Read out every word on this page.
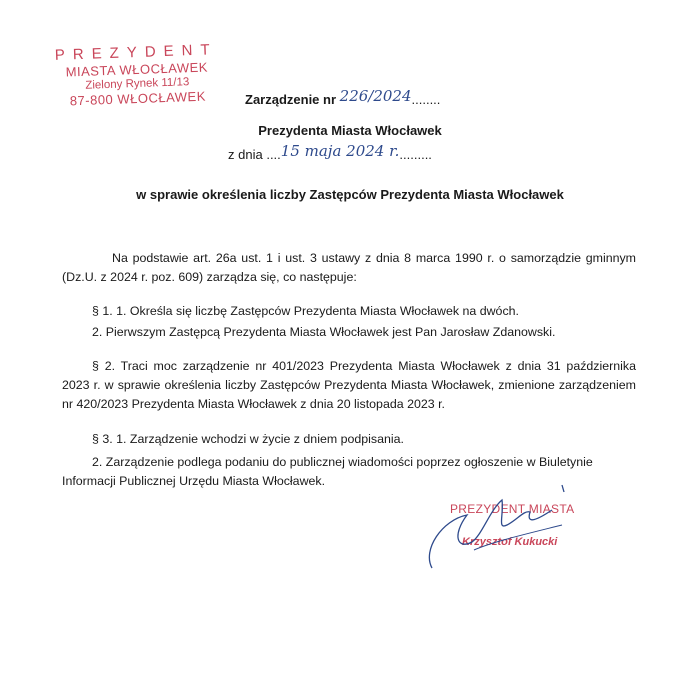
PREZYDENT
MIASTA WŁOCŁAWEK
Zielony Rynek 11/13
87-800 WŁOCŁAWEK	Zarządzenie nr 226/2024........
Prezydenta Miasta Włocławek
z dnia ....15 maja 2024 r..........
w sprawie określenia liczby Zastępców Prezydenta Miasta Włocławek
Na podstawie art. 26a ust. 1 i ust. 3 ustawy z dnia 8 marca 1990 r. o samorządzie gminnym (Dz.U. z 2024 r. poz. 609) zarządza się, co następuje:
§ 1. 1. Określa się liczbę Zastępców Prezydenta Miasta Włocławek na dwóch.
2. Pierwszym Zastępcą Prezydenta Miasta Włocławek jest Pan Jarosław Zdanowski.
§ 2. Traci moc zarządzenie nr 401/2023 Prezydenta Miasta Włocławek z dnia 31 października 2023 r. w sprawie określenia liczby Zastępców Prezydenta Miasta Włocławek, zmienione zarządzeniem nr 420/2023 Prezydenta Miasta Włocławek z dnia 20 listopada 2023 r.
§ 3. 1. Zarządzenie wchodzi w życie z dniem podpisania.
2. Zarządzenie podlega podaniu do publicznej wiadomości poprzez ogłoszenie w Biuletynie Informacji Publicznej Urzędu Miasta Włocławek.
PREZYDENT MIASTA
Krzysztof Kukucki
